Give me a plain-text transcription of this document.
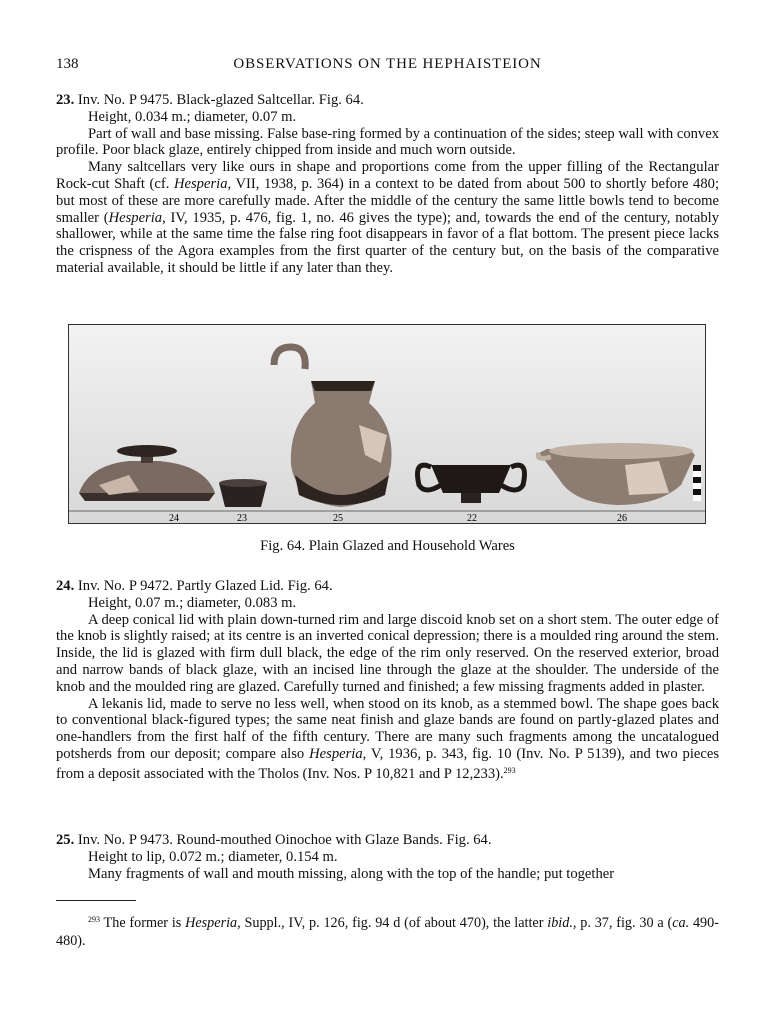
138	OBSERVATIONS ON THE HEPHAISTEION

23. Inv. No. P 9475. Black-glazed Saltcellar. Fig. 64.

Height, 0.034 m.; diameter, 0.07 m.

Part of wall and base missing. False base-ring formed by a continuation of the sides; steep wall with convex profile. Poor black glaze, entirely chipped from inside and much worn outside.

Many saltcellars very like ours in shape and proportions come from the upper filling of the Rectangular Rock-cut Shaft (cf. Hesperia, VII, 1938, p. 364) in a context to be dated from about 500 to shortly before 480; but most of these are more carefully made. After the middle of the century the same little bowls tend to become smaller (Hesperia, IV, 1935, p. 476, fig. 1, no. 46 gives the type); and, towards the end of the century, notably shallower, while at the same time the false ring foot disappears in favor of a flat bottom. The present piece lacks the crispness of the Agora examples from the first quarter of the century but, on the basis of the comparative material available, it should be little if any later than they.

24	23	25	22	26
Fig. 64. Plain Glazed and Household Wares

24. Inv. No. P 9472. Partly Glazed Lid. Fig. 64.

Height, 0.07 m.; diameter, 0.083 m.

A deep conical lid with plain down-turned rim and large discoid knob set on a short stem. The outer edge of the knob is slightly raised; at its centre is an inverted conical depression; there is a moulded ring around the stem. Inside, the lid is glazed with firm dull black, the edge of the rim only reserved. On the reserved exterior, broad and narrow bands of black glaze, with an incised line through the glaze at the shoulder. The underside of the knob and the moulded ring are glazed. Carefully turned and finished; a few missing fragments added in plaster.

A lekanis lid, made to serve no less well, when stood on its knob, as a stemmed bowl. The shape goes back to conventional black-figured types; the same neat finish and glaze bands are found on partly-glazed plates and one-handlers from the first half of the fifth century. There are many such fragments among the uncatalogued potsherds from our deposit; compare also Hesperia, V, 1936, p. 343, fig. 10 (Inv. No. P 5139), and two pieces from a deposit associated with the Tholos (Inv. Nos. P 10,821 and P 12,233).$^{293}$

25. Inv. No. P 9473. Round-mouthed Oinochoe with Glaze Bands. Fig. 64.

Height to lip, 0.072 m.; diameter, 0.154 m.

Many fragments of wall and mouth missing, along with the top of the handle; put together

$^{293}$ The former is Hesperia, Suppl., IV, p. 126, fig. 94 d (of about 470), the latter ibid., p. 37, fig. 30 a (ca. 490-480).
